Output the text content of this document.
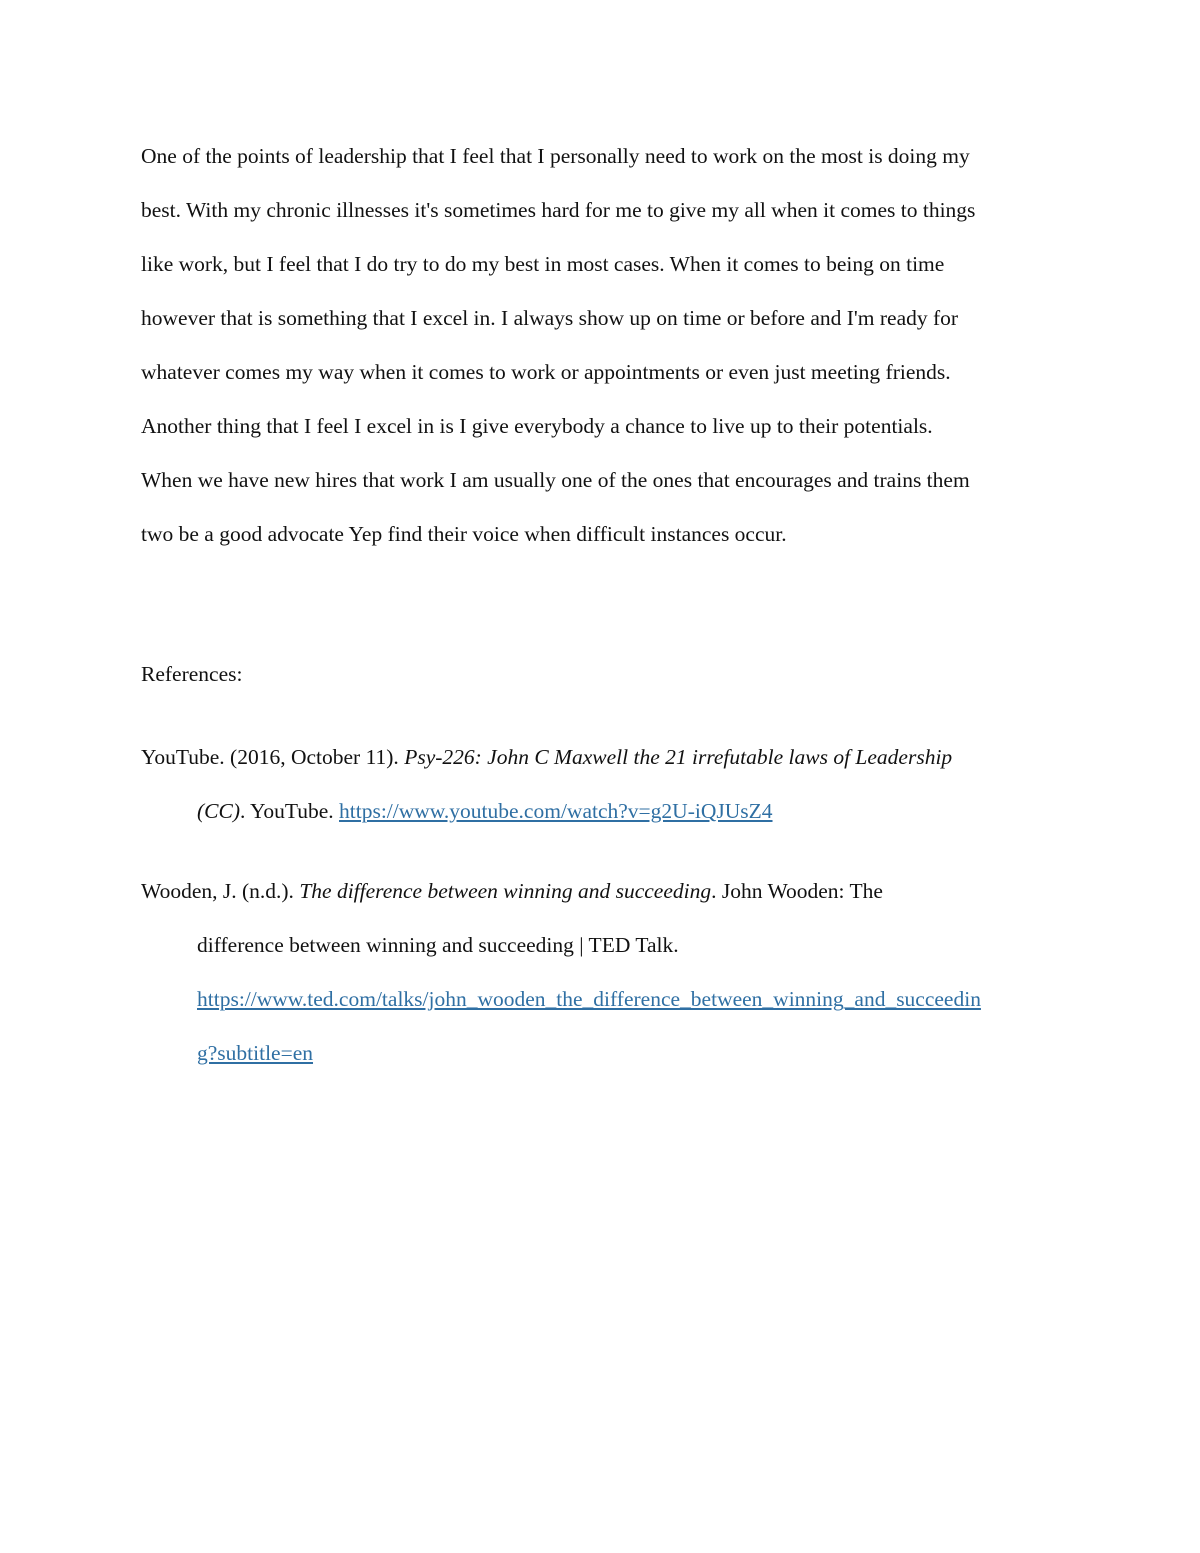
One of the points of leadership that I feel that I personally need to work on the most is doing my
best. With my chronic illnesses it's sometimes hard for me to give my all when it comes to things
like work, but I feel that I do try to do my best in most cases. When it comes to being on time
however that is something that I excel in. I always show up on time or before and I'm ready for
whatever comes my way when it comes to work or appointments or even just meeting friends.
Another thing that I feel I excel in is I give everybody a chance to live up to their potentials.
When we have new hires that work I am usually one of the ones that encourages and trains them
two be a good advocate Yep find their voice when difficult instances occur.
References:
YouTube. (2016, October 11). Psy-226: John C Maxwell the 21 irrefutable laws of Leadership
(CC). YouTube. https://www.youtube.com/watch?v=g2U-iQJUsZ4
Wooden, J. (n.d.). The difference between winning and succeeding. John Wooden: The
difference between winning and succeeding | TED Talk.
https://www.ted.com/talks/john_wooden_the_difference_between_winning_and_succeedin
g?subtitle=en
